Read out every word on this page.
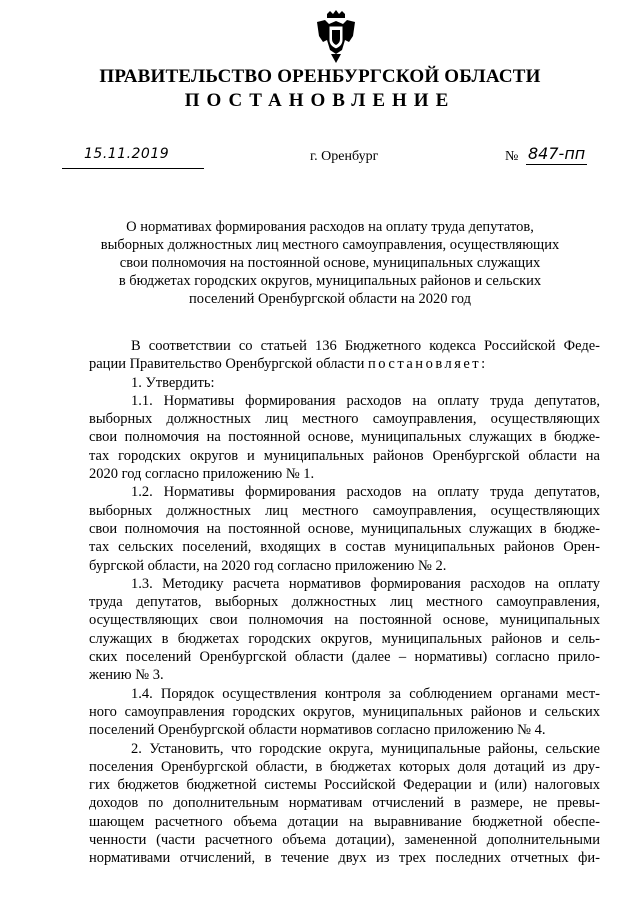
ПРАВИТЕЛЬСТВО ОРЕНБУРГСКОЙ ОБЛАСТИ
ПОСТАНОВЛЕНИЕ
15.11.2019	г. Оренбург	№ 847-пп
О нормативах формирования расходов на оплату труда депутатов,
выборных должностных лиц местного самоуправления, осуществляющих
свои полномочия на постоянной основе, муниципальных служащих
в бюджетах городских округов, муниципальных районов и сельских
поселений Оренбургской области на 2020 год
В соответствии со статьей 136 Бюджетного кодекса Российской Феде-
рации Правительство Оренбургской области постановляет:
1. Утвердить:
1.1. Нормативы формирования расходов на оплату труда депутатов,
выборных должностных лиц местного самоуправления, осуществляющих
свои полномочия на постоянной основе, муниципальных служащих в бюдже-
тах городских округов и муниципальных районов Оренбургской области на
2020 год согласно приложению № 1.
1.2. Нормативы формирования расходов на оплату труда депутатов,
выборных должностных лиц местного самоуправления, осуществляющих
свои полномочия на постоянной основе, муниципальных служащих в бюдже-
тах сельских поселений, входящих в состав муниципальных районов Орен-
бургской области, на 2020 год согласно приложению № 2.
1.3. Методику расчета нормативов формирования расходов на оплату
труда депутатов, выборных должностных лиц местного самоуправления,
осуществляющих свои полномочия на постоянной основе, муниципальных
служащих в бюджетах городских округов, муниципальных районов и сель-
ских поселений Оренбургской области (далее – нормативы) согласно прило-
жению № 3.
1.4. Порядок осуществления контроля за соблюдением органами мест-
ного самоуправления городских округов, муниципальных районов и сельских
поселений Оренбургской области нормативов согласно приложению № 4.
2. Установить, что городские округа, муниципальные районы, сельские
поселения Оренбургской области, в бюджетах которых доля дотаций из дру-
гих бюджетов бюджетной системы Российской Федерации и (или) налоговых
доходов по дополнительным нормативам отчислений в размере, не превы-
шающем расчетного объема дотации на выравнивание бюджетной обеспе-
ченности (части расчетного объема дотации), замененной дополнительными
нормативами отчислений, в течение двух из трех последних отчетных фи-
